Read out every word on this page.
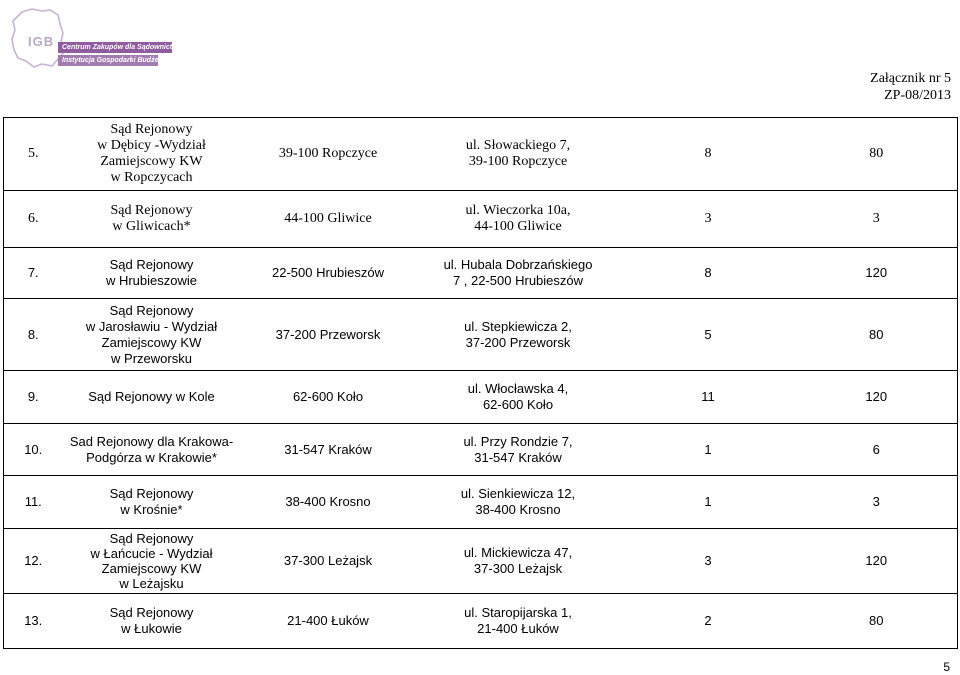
IGB	Centrum Zakupów dla Sądownictwa
Instytucja Gospodarki Budżetowej
Załącznik nr 5
ZP-08/2013
5.	Sąd Rejonowy
w Dębicy -Wydział
Zamiejscowy KW
w Ropczycach	39-100 Ropczyce	ul. Słowackiego 7,
39-100 Ropczyce	8	80

6.	Sąd Rejonowy
w Gliwicach*	44-100 Gliwice	ul. Wieczorka 10a,
44-100 Gliwice	3	3

7.	Sąd Rejonowy
w Hrubieszowie	22-500 Hrubieszów	ul. Hubala Dobrzańskiego
7 , 22-500 Hrubieszów	8	120

8.	Sąd Rejonowy
w Jarosławiu - Wydział
Zamiejscowy KW
w Przeworsku	37-200 Przeworsk	ul. Stepkiewicza 2,
37-200 Przeworsk	5	80

9.	Sąd Rejonowy w Kole	62-600 Koło	ul. Włocławska 4,
62-600 Koło	11	120

10.	Sad Rejonowy dla Krakowa-
Podgórza w Krakowie*	31-547 Kraków	ul. Przy Rondzie 7,
31-547 Kraków	1	6

11.	Sąd Rejonowy
w Krośnie*	38-400 Krosno	ul. Sienkiewicza 12,
38-400 Krosno	1	3

12.	Sąd Rejonowy
w Łańcucie - Wydział
Zamiejscowy KW
w Leżajsku	37-300 Leżajsk	ul. Mickiewicza 47,
37-300 Leżajsk	3	120

13.	Sąd Rejonowy
w Łukowie	21-400 Łuków	ul. Staropijarska 1,
21-400 Łuków	2	80
5
